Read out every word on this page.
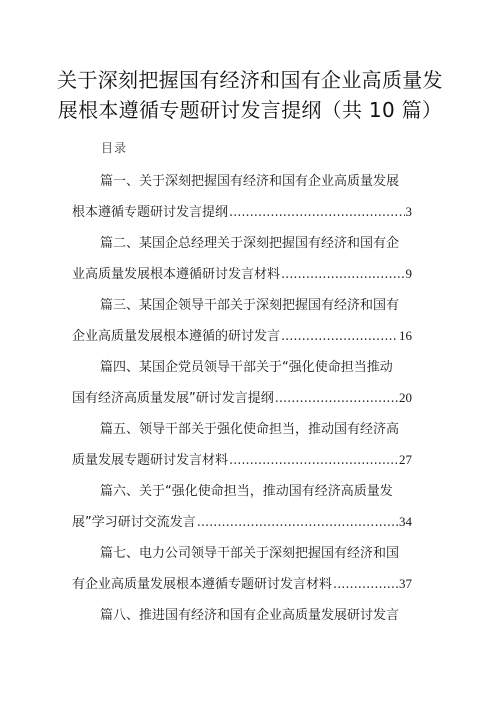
关于深刻把握国有经济和国有企业高质量发
展根本遵循专题研讨发言提纲（共 10 篇）
目录
篇一、关于深刻把握国有经济和国有企业高质量发展
根本遵循专题研讨发言提纲 .....	3
篇二、某国企总经理关于深刻把握国有经济和国有企
业高质量发展根本遵循研讨发言材料 .....	9
篇三、某国企领导干部关于深刻把握国有经济和国有
企业高质量发展根本遵循的研讨发言 .....	16
篇四、某国企党员领导干部关于“强化使命担当推动
国有经济高质量发展”研讨发言提纲 .....	20
篇五、领导干部关于强化使命担当，推动国有经济高
质量发展专题研讨发言材料 .....	27
篇六、关于“强化使命担当，推动国有经济高质量发
展”学习研讨交流发言 .....	34
篇七、电力公司领导干部关于深刻把握国有经济和国
有企业高质量发展根本遵循专题研讨发言材料 .....	37
篇八、推进国有经济和国有企业高质量发展研讨发言
